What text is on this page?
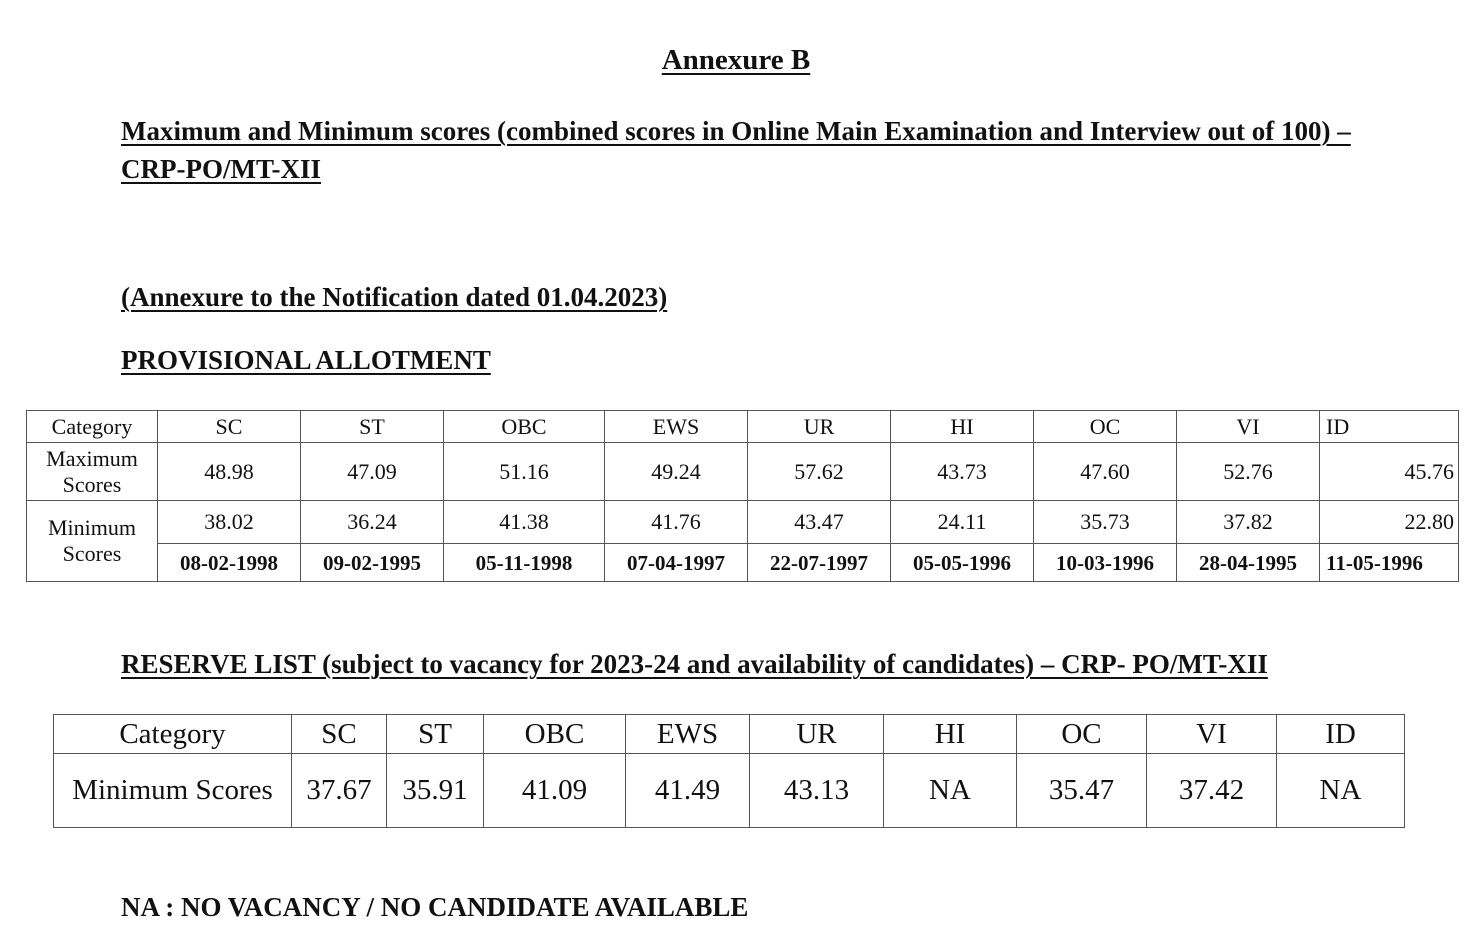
Annexure B
Maximum and Minimum scores (combined scores in Online Main Examination and Interview out of 100) – CRP-PO/MT-XII
(Annexure to the Notification dated 01.04.2023)
PROVISIONAL ALLOTMENT
Category	SC	ST	OBC	EWS	UR	HI	OC	VI	ID
Maximum Scores	48.98	47.09	51.16	49.24	57.62	43.73	47.60	52.76	45.76
Minimum Scores	38.02	36.24	41.38	41.76	43.47	24.11	35.73	37.82	22.80
	08-02-1998	09-02-1995	05-11-1998	07-04-1997	22-07-1997	05-05-1996	10-03-1996	28-04-1995	11-05-1996
RESERVE LIST (subject to vacancy for 2023-24 and availability of candidates) – CRP- PO/MT-XII
Category	SC	ST	OBC	EWS	UR	HI	OC	VI	ID
Minimum Scores	37.67	35.91	41.09	41.49	43.13	NA	35.47	37.42	NA
NA : NO VACANCY / NO CANDIDATE AVAILABLE
